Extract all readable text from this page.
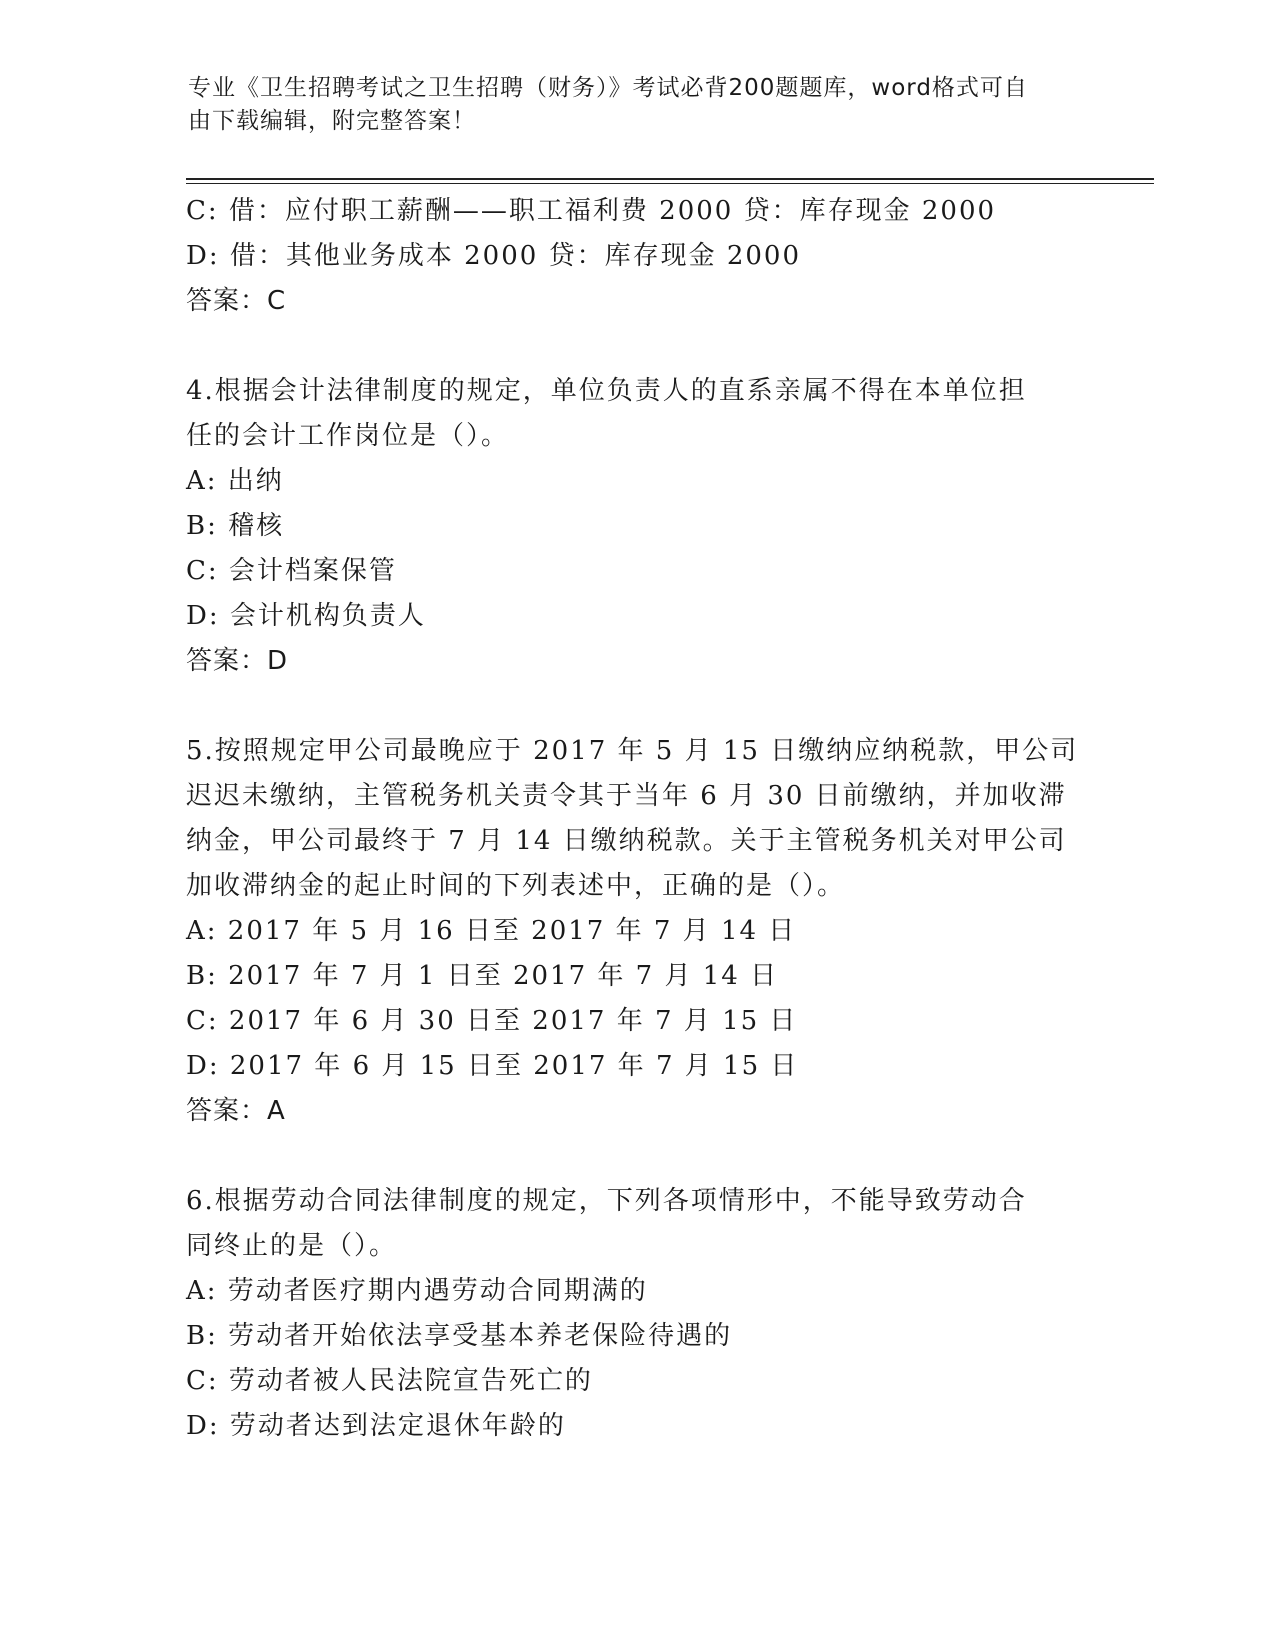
专业《卫生招聘考试之卫生招聘（财务）》考试必背200题题库，word格式可自
由下载编辑，附完整答案！
C: 借：应付职工薪酬——职工福利费 2000 贷：库存现金 2000
D: 借：其他业务成本 2000 贷：库存现金 2000
答案：C
4.根据会计法律制度的规定，单位负责人的直系亲属不得在本单位担
任的会计工作岗位是（）。
A: 出纳
B: 稽核
C: 会计档案保管
D: 会计机构负责人
答案：D
5.按照规定甲公司最晚应于 2017 年 5 月 15 日缴纳应纳税款，甲公司
迟迟未缴纳，主管税务机关责令其于当年 6 月 30 日前缴纳，并加收滞
纳金，甲公司最终于 7 月 14 日缴纳税款。关于主管税务机关对甲公司
加收滞纳金的起止时间的下列表述中，正确的是（）。
A: 2017 年 5 月 16 日至 2017 年 7 月 14 日
B: 2017 年 7 月 1 日至 2017 年 7 月 14 日
C: 2017 年 6 月 30 日至 2017 年 7 月 15 日
D: 2017 年 6 月 15 日至 2017 年 7 月 15 日
答案：A
6.根据劳动合同法律制度的规定，下列各项情形中，不能导致劳动合
同终止的是（）。
A: 劳动者医疗期内遇劳动合同期满的
B: 劳动者开始依法享受基本养老保险待遇的
C: 劳动者被人民法院宣告死亡的
D: 劳动者达到法定退休年龄的
